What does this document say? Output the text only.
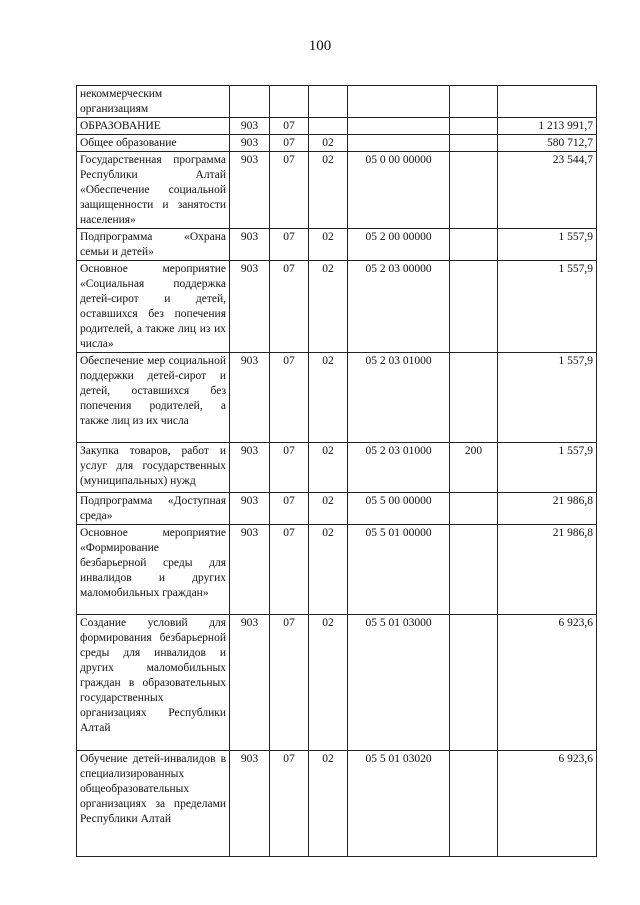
100
некоммерческим организациям						

ОБРАЗОВАНИЕ	903	07				1 213 991,7

Общее образование	903	07	02			580 712,7

Государственная программа Республики Алтай «Обеспечение социальной защищенности и занятости населения»	903	07	02	05 0 00 00000		23 544,7

Подпрограмма «Охрана семьи и детей»	903	07	02	05 2 00 00000		1 557,9

Основное мероприятие «Социальная поддержка детей-сирот и детей, оставшихся без попечения родителей, а также лиц из их числа»	903	07	02	05 2 03 00000		1 557,9

Обеспечение мер социальной поддержки детей-сирот и детей, оставшихся без попечения родителей, а также лиц из их числа	903	07	02	05 2 03 01000		1 557,9

Закупка товаров, работ и услуг для государственных (муниципальных) нужд	903	07	02	05 2 03 01000	200	1 557,9

Подпрограмма «Доступная среда»	903	07	02	05 5 00 00000		21 986,8

Основное мероприятие «Формирование безбарьерной среды для инвалидов и других маломобильных граждан»	903	07	02	05 5 01 00000		21 986,8

Создание условий для формирования безбарьерной среды для инвалидов и других маломобильных граждан в образовательных государственных организациях Республики Алтай	903	07	02	05 5 01 03000		6 923,6

Обучение детей-инвалидов в специализированных общеобразовательных организациях за пределами Республики Алтай	903	07	02	05 5 01 03020		6 923,6
